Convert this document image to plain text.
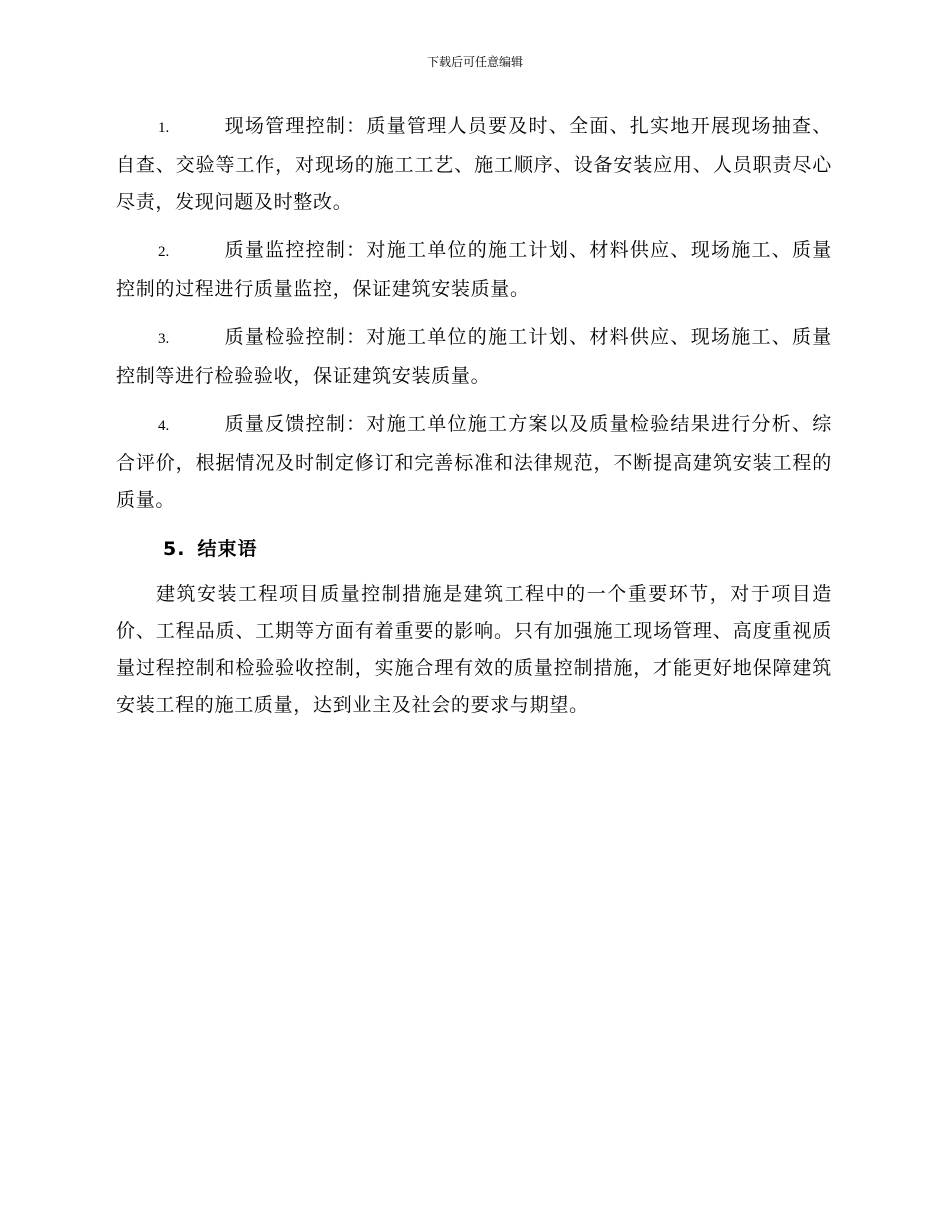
下载后可任意编辑

1.	现场管理控制：质量管理人员要及时、全面、扎实地开展现场抽查、自查、交验等工作，对现场的施工工艺、施工顺序、设备安装应用、人员职责尽心尽责，发现问题及时整改。

2.	质量监控控制：对施工单位的施工计划、材料供应、现场施工、质量控制的过程进行质量监控，保证建筑安装质量。

3.	质量检验控制：对施工单位的施工计划、材料供应、现场施工、质量控制等进行检验验收，保证建筑安装质量。

4.	质量反馈控制：对施工单位施工方案以及质量检验结果进行分析、综合评价，根据情况及时制定修订和完善标准和法律规范，不断提高建筑安装工程的质量。

5. 结束语

建筑安装工程项目质量控制措施是建筑工程中的一个重要环节，对于项目造价、工程品质、工期等方面有着重要的影响。只有加强施工现场管理、高度重视质量过程控制和检验验收控制，实施合理有效的质量控制措施，才能更好地保障建筑安装工程的施工质量，达到业主及社会的要求与期望。
